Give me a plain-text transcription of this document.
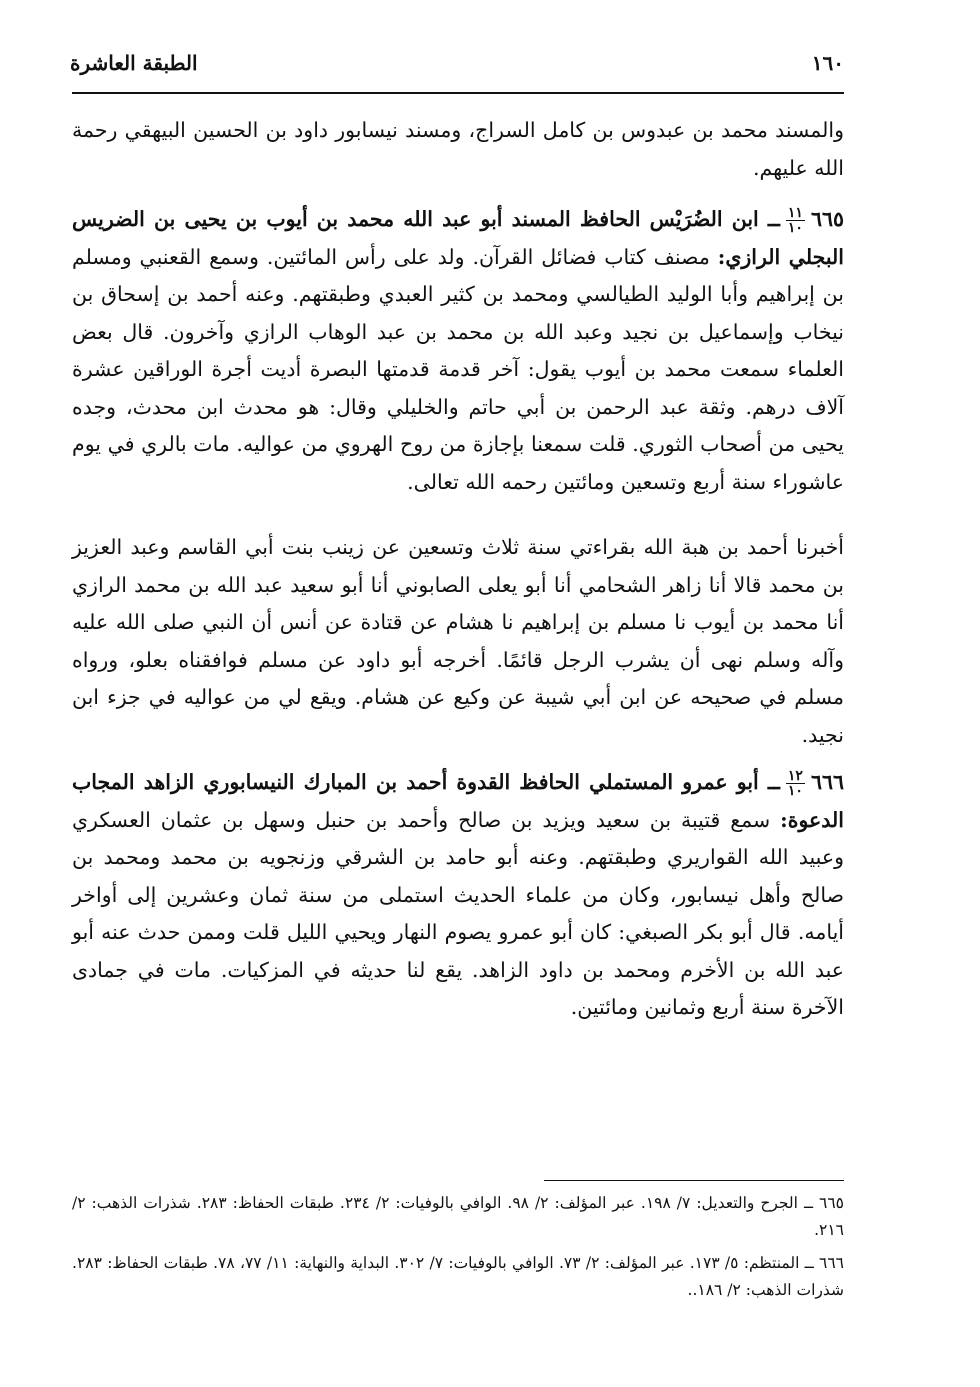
١٦٠
الطبقة العاشرة

والمسند محمد بن عبدوس بن كامل السراج، ومسند نيسابور داود بن الحسين البيهقي رحمة الله عليهم.

٦٦٥
$\frac{١١}{١٠}$
ــ ابن الضُرَيْس الحافظ المسند أبو عبد الله محمد بن أيوب بن يحيى بن الضريس البجلي الرازي: مصنف كتاب فضائل القرآن. ولد على رأس المائتين. وسمع القعنبي ومسلم بن إبراهيم وأبا الوليد الطيالسي ومحمد بن كثير العبدي وطبقتهم. وعنه أحمد بن إسحاق بن نيخاب وإسماعيل بن نجيد وعبد الله بن محمد بن عبد الوهاب الرازي وآخرون. قال بعض العلماء سمعت محمد بن أيوب يقول: آخر قدمة قدمتها البصرة أديت أجرة الوراقين عشرة آلاف درهم. وثقة عبد الرحمن بن أبي حاتم والخليلي وقال: هو محدث ابن محدث، وجده يحيى من أصحاب الثوري. قلت سمعنا بإجازة من روح الهروي من عواليه. مات بالري في يوم عاشوراء سنة أربع وتسعين ومائتين رحمه الله تعالى.

أخبرنا أحمد بن هبة الله بقراءتي سنة ثلاث وتسعين عن زينب بنت أبي القاسم وعبد العزيز بن محمد قالا أنا زاهر الشحامي أنا أبو يعلى الصابوني أنا أبو سعيد عبد الله بن محمد الرازي أنا محمد بن أيوب نا مسلم بن إبراهيم نا هشام عن قتادة عن أنس أن النبي صلى الله عليه وآله وسلم نهى أن يشرب الرجل قائمًا. أخرجه أبو داود عن مسلم فوافقناه بعلو، ورواه مسلم في صحيحه عن ابن أبي شيبة عن وكيع عن هشام. ويقع لي من عواليه في جزء ابن نجيد.

٦٦٦
$\frac{١٢}{١٠}$
ــ أبو عمرو المستملي الحافظ القدوة أحمد بن المبارك النيسابوري الزاهد المجاب الدعوة: سمع قتيبة بن سعيد ويزيد بن صالح وأحمد بن حنبل وسهل بن عثمان العسكري وعبيد الله القواريري وطبقتهم. وعنه أبو حامد بن الشرقي وزنجويه بن محمد ومحمد بن صالح وأهل نيسابور، وكان من علماء الحديث استملى من سنة ثمان وعشرين إلى أواخر أيامه. قال أبو بكر الصبغي: كان أبو عمرو يصوم النهار ويحيي الليل قلت وممن حدث عنه أبو عبد الله بن الأخرم ومحمد بن داود الزاهد. يقع لنا حديثه في المزكيات. مات في جمادى الآخرة سنة أربع وثمانين ومائتين.

٦٦٥ ــ الجرح والتعديل: ٧/ ١٩٨. عبر المؤلف: ٢/ ٩٨. الوافي بالوفيات: ٢/ ٢٣٤. طبقات الحفاظ: ٢٨٣. شذرات الذهب: ٢/ ٢١٦.

٦٦٦ ــ المنتظم: ٥/ ١٧٣. عبر المؤلف: ٢/ ٧٣. الوافي بالوفيات: ٧/ ٣٠٢. البداية والنهاية: ١١/ ٧٧، ٧٨. طبقات الحفاظ: ٢٨٣. شذرات الذهب: ٢/ ١٨٦..
